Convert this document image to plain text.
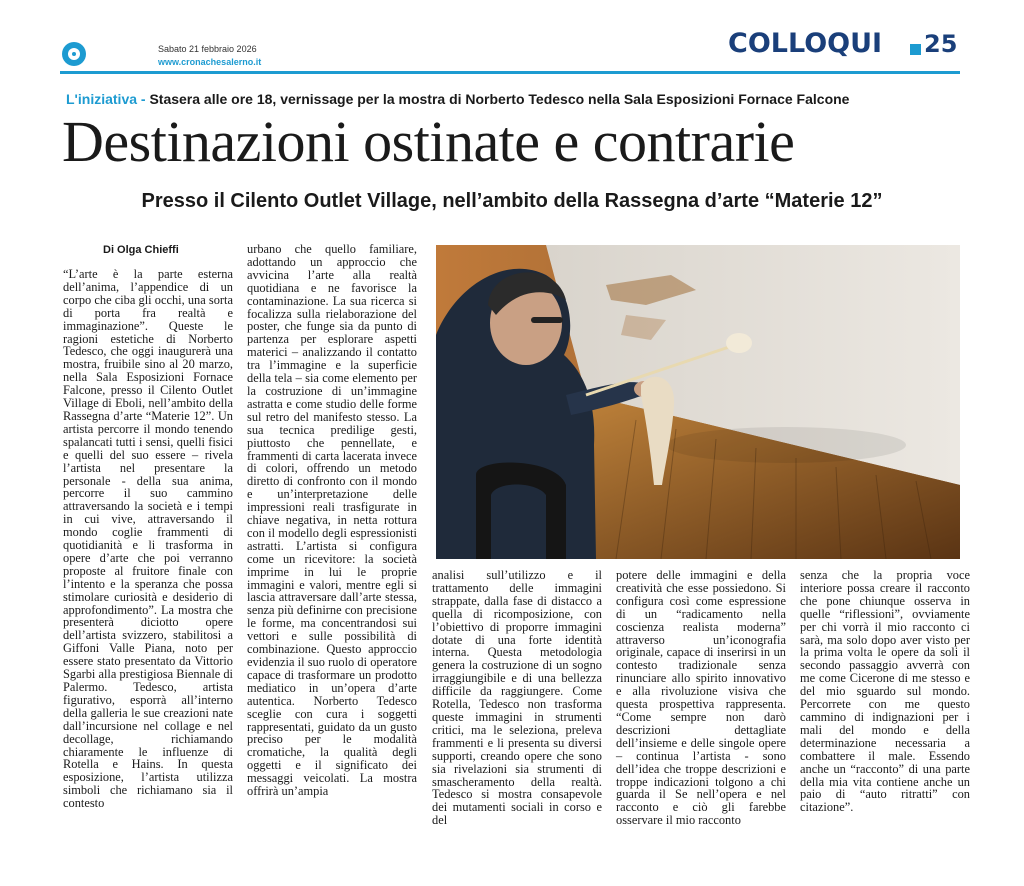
Sabato 21 febbraio 2026
www.cronachesalerno.it
COLLOQUI 25
L'iniziativa - Stasera alle ore 18, vernissage per la mostra di Norberto Tedesco nella Sala Esposizioni Fornace Falcone
Destinazioni ostinate e contrarie
Presso il Cilento Outlet Village, nell’ambito della Rassegna d’arte “Materie 12”
Di Olga Chieffi

“L’arte è la parte esterna dell’anima, l’appendice di un corpo che ciba gli occhi, una sorta di porta fra realtà e immaginazione”. Queste le ragioni estetiche di Norberto Tedesco, che oggi inaugurerà una mostra, fruibile sino al 20 marzo, nella Sala Esposizioni Fornace Falcone, presso il Cilento Outlet Village di Eboli, nell’ambito della Rassegna d’arte “Materie 12”. Un artista percorre il mondo tenendo spalancati tutti i sensi, quelli fisici e quelli del suo essere – rivela l’artista nel presentare la personale - della sua anima, percorre il suo cammino attraversando la società e i tempi in cui vive, attraversando il mondo coglie frammenti di quotidianità e li trasforma in opere d’arte che poi verranno proposte al fruitore finale con l’intento e la speranza che possa stimolare curiosità e desiderio di approfondimento”. La mostra che presenterà diciotto opere dell’artista svizzero, stabilitosi a Giffoni Valle Piana, noto per essere stato presentato da Vittorio Sgarbi alla prestigiosa Biennale di Palermo. Tedesco, artista figurativo, esporrà all’interno della galleria le sue creazioni nate dall’incursione nel collage e nel decollage, richiamando chiaramente le influenze di Rotella e Hains. In questa esposizione, l’artista utilizza simboli che richiamano sia il contesto

urbano che quello familiare, adottando un approccio che avvicina l’arte alla realtà quotidiana e ne favorisce la contaminazione. La sua ricerca si focalizza sulla rielaborazione del poster, che funge sia da punto di partenza per esplorare aspetti materici – analizzando il contatto tra l’immagine e la superficie della tela – sia come elemento per la costruzione di un’immagine astratta e come studio delle forme sul retro del manifesto stesso. La sua tecnica predilige gesti, piuttosto che pennellate, e frammenti di carta lacerata invece di colori, offrendo un metodo diretto di confronto con il mondo e un’interpretazione delle impressioni reali trasfigurate in chiave negativa, in netta rottura con il modello degli espressionisti astratti. L’artista si configura come un ricevitore: la società imprime in lui le proprie immagini e valori, mentre egli si lascia attraversare dall’arte stessa, senza più definirne con precisione le forme, ma concentrandosi sui vettori e sulle possibilità di combinazione. Questo approccio evidenzia il suo ruolo di operatore capace di trasformare un prodotto mediatico in un’opera d’arte autentica. Norberto Tedesco sceglie con cura i soggetti rappresentati, guidato da un gusto preciso per le modalità cromatiche, la qualità degli oggetti e il significato dei messaggi veicolati. La mostra offrirà un’ampia

analisi sull’utilizzo e il trattamento delle immagini strappate, dalla fase di distacco a quella di ricomposizione, con l’obiettivo di proporre immagini dotate di una forte identità interna. Questa metodologia genera la costruzione di un sogno irraggiungibile e di una bellezza difficile da raggiungere. Come Rotella, Tedesco non trasforma queste immagini in strumenti critici, ma le seleziona, preleva frammenti e li presenta su diversi supporti, creando opere che sono sia rivelazioni sia strumenti di smascheramento della realtà. Tedesco si mostra consapevole dei mutamenti sociali in corso e del

potere delle immagini e della creatività che esse possiedono. Si configura così come espressione di un “radicamento nella coscienza realista moderna” attraverso un’iconografia originale, capace di inserirsi in un contesto tradizionale senza rinunciare allo spirito innovativo e alla rivoluzione visiva che questa prospettiva rappresenta. “Come sempre non darò descrizioni dettagliate dell’insieme e delle singole opere – continua l’artista - sono dell’idea che troppe descrizioni e troppe indicazioni tolgono a chi guarda il Se nell’opera e nel racconto e ciò gli farebbe osservare il mio racconto

senza che la propria voce interiore possa creare il racconto che pone chiunque osserva in quelle “riflessioni”, ovviamente per chi vorrà il mio racconto ci sarà, ma solo dopo aver visto per la prima volta le opere da soli il secondo passaggio avverrà con me come Cicerone di me stesso e del mio sguardo sul mondo. Percorrete con me questo cammino di indignazioni per i mali del mondo e della determinazione necessaria a combattere il male. Essendo anche un “racconto” di una parte della mia vita contiene anche un paio di “auto ritratti” con citazione”.
